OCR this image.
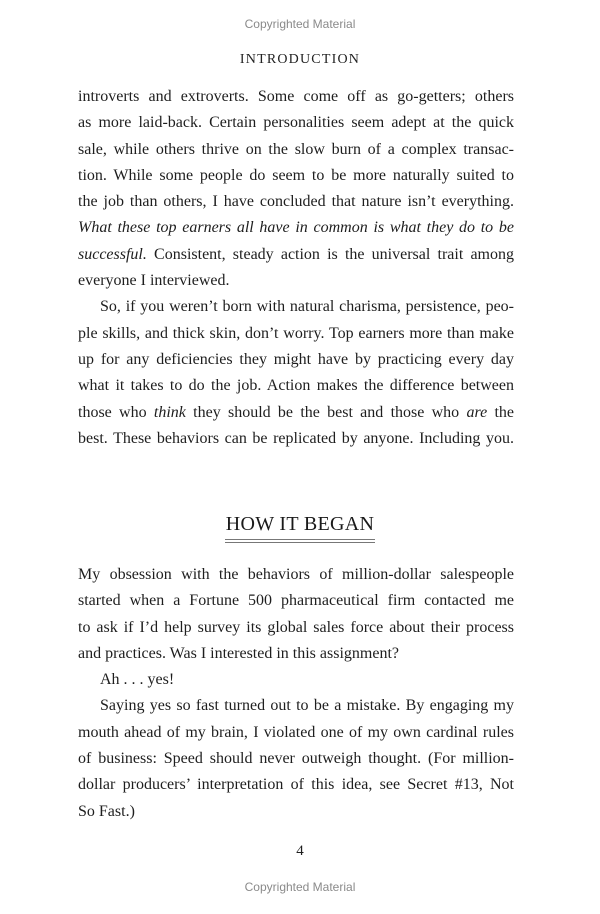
Copyrighted Material
INTRODUCTION
introverts and extroverts. Some come off as go-getters; others
as more laid-back. Certain personalities seem adept at the quick
sale, while others thrive on the slow burn of a complex transac-
tion. While some people do seem to be more naturally suited to
the job than others, I have concluded that nature isn’t everything.
What these top earners all have in common is what they do to be
successful. Consistent, steady action is the universal trait among
everyone I interviewed.
So, if you weren’t born with natural charisma, persistence, peo-
ple skills, and thick skin, don’t worry. Top earners more than make
up for any deficiencies they might have by practicing every day
what it takes to do the job. Action makes the difference between
those who think they should be the best and those who are the
best. These behaviors can be replicated by anyone. Including you.
HOW IT BEGAN
My obsession with the behaviors of million-dollar salespeople
started when a Fortune 500 pharmaceutical firm contacted me
to ask if I’d help survey its global sales force about their process
and practices. Was I interested in this assignment?
Ah . . . yes!
Saying yes so fast turned out to be a mistake. By engaging my
mouth ahead of my brain, I violated one of my own cardinal rules
of business: Speed should never outweigh thought. (For million-
dollar producers’ interpretation of this idea, see Secret #13, Not
So Fast.)
4
Copyrighted Material
